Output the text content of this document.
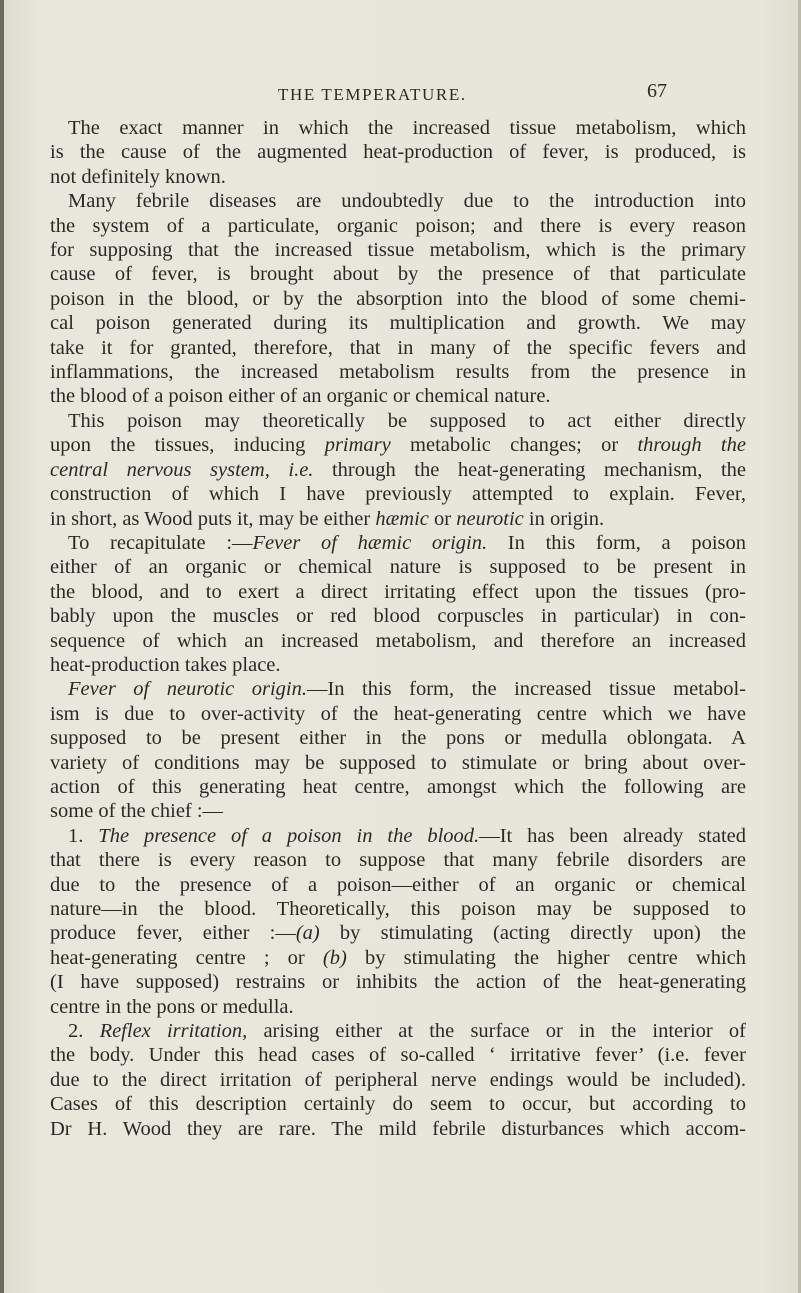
THE TEMPERATURE.	67
The exact manner in which the increased tissue metabolism, which
is the cause of the augmented heat-production of fever, is produced, is
not definitely known.
Many febrile diseases are undoubtedly due to the introduction into
the system of a particulate, organic poison; and there is every reason
for supposing that the increased tissue metabolism, which is the primary
cause of fever, is brought about by the presence of that particulate
poison in the blood, or by the absorption into the blood of some chemi-
cal poison generated during its multiplication and growth. We may
take it for granted, therefore, that in many of the specific fevers and
inflammations, the increased metabolism results from the presence in
the blood of a poison either of an organic or chemical nature.
This poison may theoretically be supposed to act either directly
upon the tissues, inducing primary metabolic changes; or through the
central nervous system, i.e. through the heat-generating mechanism, the
construction of which I have previously attempted to explain. Fever,
in short, as Wood puts it, may be either hæmic or neurotic in origin.
To recapitulate :—Fever of hæmic origin. In this form, a poison
either of an organic or chemical nature is supposed to be present in
the blood, and to exert a direct irritating effect upon the tissues (pro-
bably upon the muscles or red blood corpuscles in particular) in con-
sequence of which an increased metabolism, and therefore an increased
heat-production takes place.
Fever of neurotic origin.—In this form, the increased tissue metabol-
ism is due to over-activity of the heat-generating centre which we have
supposed to be present either in the pons or medulla oblongata. A
variety of conditions may be supposed to stimulate or bring about over-
action of this generating heat centre, amongst which the following are
some of the chief :—
1. The presence of a poison in the blood.—It has been already stated
that there is every reason to suppose that many febrile disorders are
due to the presence of a poison—either of an organic or chemical
nature—in the blood. Theoretically, this poison may be supposed to
produce fever, either :—(a) by stimulating (acting directly upon) the
heat-generating centre ; or (b) by stimulating the higher centre which
(I have supposed) restrains or inhibits the action of the heat-generating
centre in the pons or medulla.
2. Reflex irritation, arising either at the surface or in the interior of
the body. Under this head cases of so-called ‘ irritative fever’ (i.e. fever
due to the direct irritation of peripheral nerve endings would be included).
Cases of this description certainly do seem to occur, but according to
Dr H. Wood they are rare. The mild febrile disturbances which accom-
